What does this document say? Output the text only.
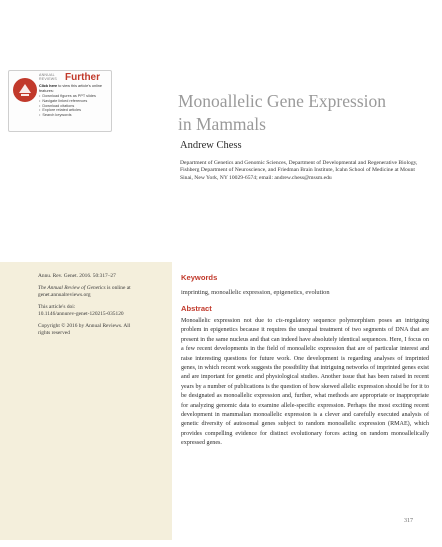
ANNUAL
REVIEWS Further
Click here to view this article's online features:
• Download figures as PPT slides
• Navigate linked references
• Download citations
• Explore related articles
• Search keywords
Monoallelic Gene Expression
in Mammals

Andrew Chess

Department of Genetics and Genomic Sciences, Department of Developmental and Regenerative Biology, Fishberg Department of Neuroscience, and Friedman Brain Institute, Icahn School of Medicine at Mount Sinai, New York, NY 10029-6574; email: andrew.chess@mssm.edu

Annu. Rev. Genet. 2016. 50:317–27

The Annual Review of Genetics is online at genet.annualreviews.org

This article's doi:
10.1146/annurev-genet-120215-035120

Copyright © 2016 by Annual Reviews. All rights reserved

Keywords

imprinting, monoallelic expression, epigenetics, evolution

Abstract

Monoallelic expression not due to cis-regulatory sequence polymorphism poses an intriguing problem in epigenetics because it requires the unequal treatment of two segments of DNA that are present in the same nucleus and that can indeed have absolutely identical sequences. Here, I focus on a few recent developments in the field of monoallelic expression that are of particular interest and raise interesting questions for future work. One development is regarding analyses of imprinted genes, in which recent work suggests the possibility that intriguing networks of imprinted genes exist and are important for genetic and physiological studies. Another issue that has been raised in recent years by a number of publications is the question of how skewed allelic expression should be for it to be designated as monoallelic expression and, further, what methods are appropriate or inappropriate for analyzing genomic data to examine allele-specific expression. Perhaps the most exciting recent development in mammalian monoallelic expression is a clever and carefully executed analysis of genetic diversity of autosomal genes subject to random monoallelic expression (RMAE), which provides compelling evidence for distinct evolutionary forces acting on random monoallelically expressed genes.

317
